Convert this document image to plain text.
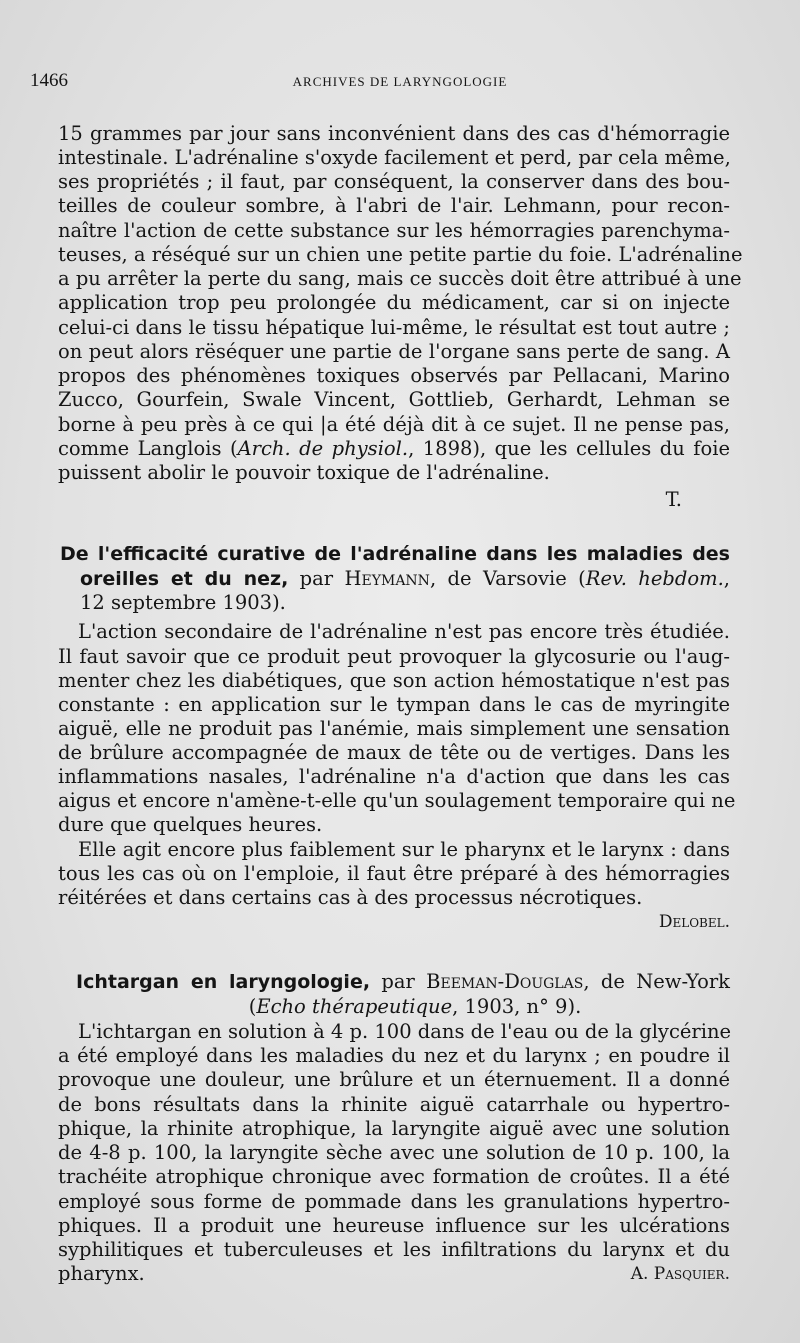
1466	ARCHIVES DE LARYNGOLOGIE
15 grammes par jour sans inconvénient dans des cas d'hémorragie
intestinale. L'adrénaline s'oxyde facilement et perd, par cela même,
ses propriétés ; il faut, par conséquent, la conserver dans des bou-
teilles de couleur sombre, à l'abri de l'air. Lehmann, pour recon-
naître l'action de cette substance sur les hémorragies parenchyma-
teuses, a réséqué sur un chien une petite partie du foie. L'adrénaline
a pu arrêter la perte du sang, mais ce succès doit être attribué à une
application trop peu prolongée du médicament, car si on injecte
celui-ci dans le tissu hépatique lui-même, le résultat est tout autre ;
on peut alors rëséquer une partie de l'organe sans perte de sang. A
propos des phénomènes toxiques observés par Pellacani, Marino
Zucco, Gourfein, Swale Vincent, Gottlieb, Gerhardt, Lehman se
borne à peu près à ce qui |a été déjà dit à ce sujet. Il ne pense pas,
comme Langlois (Arch. de physiol., 1898), que les cellules du foie
puissent abolir le pouvoir toxique de l'adrénaline.
T.
De l'efficacité curative de l'adrénaline dans les maladies des
oreilles et du nez, par Heymann, de Varsovie (Rev. hebdom.,
12 septembre 1903).
L'action secondaire de l'adrénaline n'est pas encore très étudiée.
Il faut savoir que ce produit peut provoquer la glycosurie ou l'aug-
menter chez les diabétiques, que son action hémostatique n'est pas
constante : en application sur le tympan dans le cas de myringite
aiguë, elle ne produit pas l'anémie, mais simplement une sensation
de brûlure accompagnée de maux de tête ou de vertiges. Dans les
inflammations nasales, l'adrénaline n'a d'action que dans les cas
aigus et encore n'amène-t-elle qu'un soulagement temporaire qui ne
dure que quelques heures.
Elle agit encore plus faiblement sur le pharynx et le larynx : dans
tous les cas où on l'emploie, il faut être préparé à des hémorragies
réitérées et dans certains cas à des processus nécrotiques.
Delobel.
Ichtargan en laryngologie, par Beeman-Douglas, de New-York
(Echo thérapeutique, 1903, n° 9).
L'ichtargan en solution à 4 p. 100 dans de l'eau ou de la glycérine
a été employé dans les maladies du nez et du larynx ; en poudre il
provoque une douleur, une brûlure et un éternuement. Il a donné
de bons résultats dans la rhinite aiguë catarrhale ou hypertro-
phique, la rhinite atrophique, la laryngite aiguë avec une solution
de 4-8 p. 100, la laryngite sèche avec une solution de 10 p. 100, la
trachéite atrophique chronique avec formation de croûtes. Il a été
employé sous forme de pommade dans les granulations hypertro-
phiques. Il a produit une heureuse influence sur les ulcérations
syphilitiques et tuberculeuses et les infiltrations du larynx et du
pharynx.	A. Pasquier.
